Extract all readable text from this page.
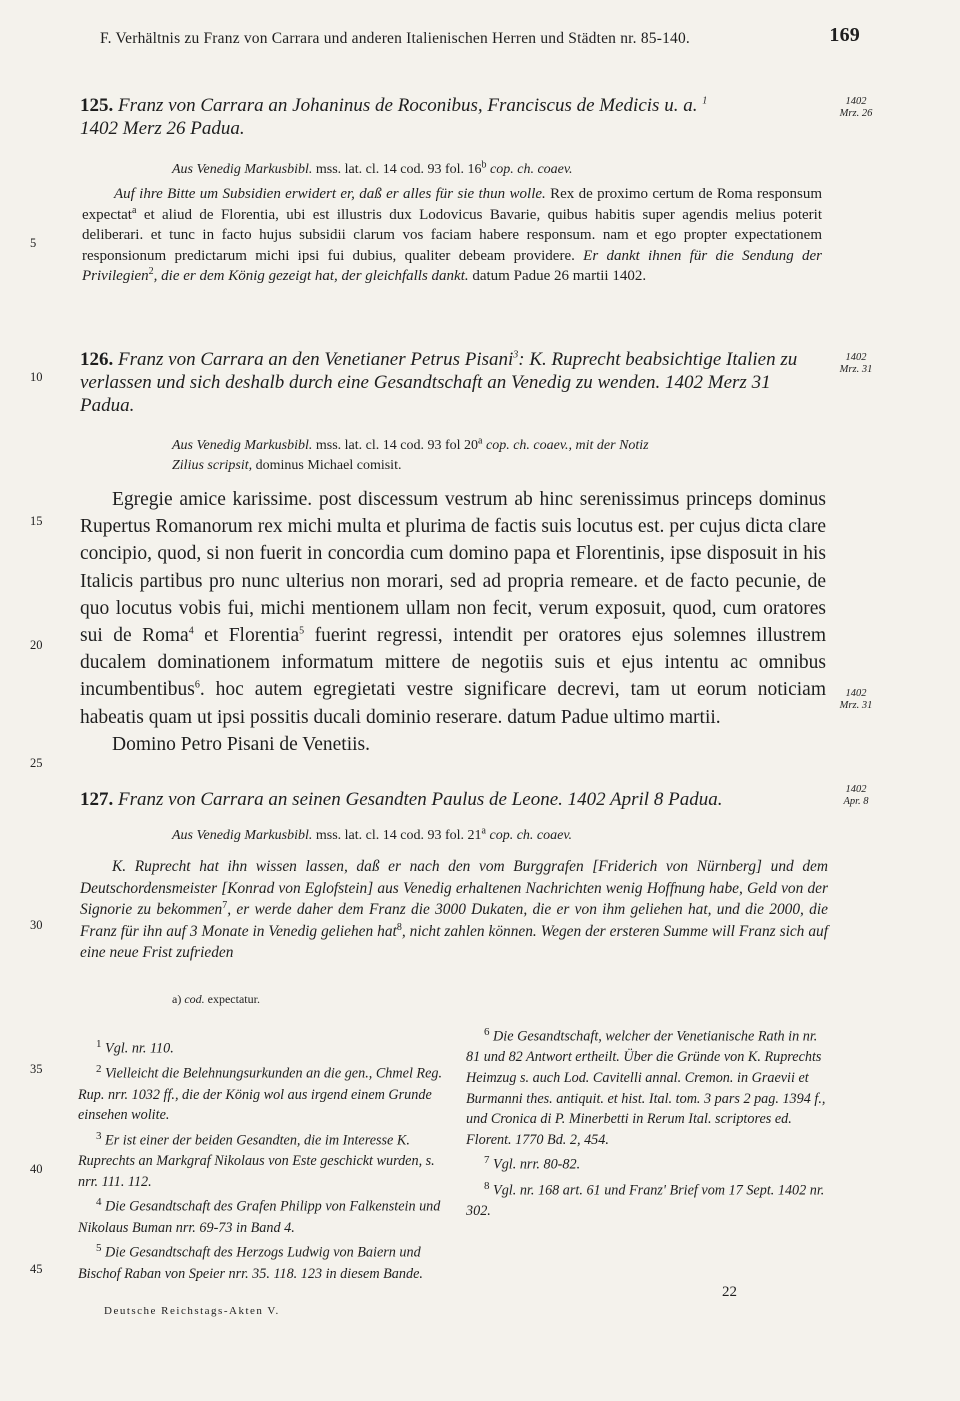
F. Verhältnis zu Franz von Carrara und anderen Italienischen Herren und Städten nr. 85-140.	169
125. Franz von Carrara an Johaninus de Roconibus, Franciscus de Medicis u. a. $^1$
1402 Merz 26 Padua.
1402
Mrz. 26
Aus Venedig Markusbibl. mss. lat. cl. 14 cod. 93 fol. 16$^b$ cop. ch. coaev.

Auf ihre Bitte um Subsidien erwidert er, daß er alles für sie thun wolle. Rex de proximo certum de Roma responsum expectat$^a$ et aliud de Florentia, ubi est illustris dux Lodovicus Bavarie, quibus habitis super agendis melius poterit deliberari. et tunc in facto hujus subsidii clarum vos faciam habere responsum. nam et ego propter expectationem responsionum predictarum michi ipsi fui dubius, qualiter debeam providere. Er dankt ihnen für die Sendung der Privilegien$^2$, die er dem König gezeigt hat, der gleichfalls dankt. datum Padue 26 martii 1402.

126. Franz von Carrara an den Venetianer Petrus Pisani$^3$: K. Ruprecht beabsichtige Italien zu verlassen und sich deshalb durch eine Gesandtschaft an Venedig zu wenden. 1402 Merz 31 Padua.
1402
Mrz. 31
Aus Venedig Markusbibl. mss. lat. cl. 14 cod. 93 fol 20$^a$ cop. ch. coaev., mit der Notiz
Zilius scripsit, dominus Michael comisit.

Egregie amice karissime. post discessum vestrum ab hinc serenissimus princeps dominus Rupertus Romanorum rex michi multa et plurima de factis suis locutus est. per cujus dicta clare concipio, quod, si non fuerit in concordia cum domino papa et Florentinis, ipse disposuit in his Italicis partibus pro nunc ulterius non morari, sed ad propria remeare. et de facto pecunie, de quo locutus vobis fui, michi mentionem ullam non fecit, verum exposuit, quod, cum oratores sui de Roma$^4$ et Florentia$^5$ fuerint regressi, intendit per oratores ejus solemnes illustrem ducalem dominationem informatum mittere de negotiis suis et ejus intentu ac omnibus incumbentibus$^6$. hoc autem egregietati vestre significare decrevi, tam ut eorum noticiam habeatis quam ut ipsi possitis ducali dominio reserare. datum Padue ultimo martii.

Domino Petro Pisani de Venetiis.

1402
Mrz. 31
127. Franz von Carrara an seinen Gesandten Paulus de Leone. 1402 April 8 Padua.	1402
Apr. 8
Aus Venedig Markusbibl. mss. lat. cl. 14 cod. 93 fol. 21$^a$ cop. ch. coaev.

K. Ruprecht hat ihn wissen lassen, daß er nach den vom Burggrafen [Friderich von Nürnberg] und dem Deutschordensmeister [Konrad von Eglofstein] aus Venedig erhaltenen Nachrichten wenig Hoffnung habe, Geld von der Signorie zu bekommen$^7$, er werde daher dem Franz die 3000 Dukaten, die er von ihm geliehen hat, und die 2000, die Franz für ihn auf 3 Monate in Venedig geliehen hat$^8$, nicht zahlen können. Wegen der ersteren Summe will Franz sich auf eine neue Frist zufrieden

a) cod. expectatur.

$^1$ Vgl. nr. 110.

$^2$ Vielleicht die Belehnungsurkunden an die gen., Chmel Reg. Rup. nrr. 1032 ff., die der König wol aus irgend einem Grunde einsehen wolite.

$^3$ Er ist einer der beiden Gesandten, die im Interesse K. Ruprechts an Markgraf Nikolaus von Este geschickt wurden, s. nrr. 111. 112.

$^4$ Die Gesandtschaft des Grafen Philipp von Falkenstein und Nikolaus Buman nrr. 69-73 in Band 4.

$^5$ Die Gesandtschaft des Herzogs Ludwig von Baiern und Bischof Raban von Speier nrr. 35. 118. 123 in diesem Bande.

$^6$ Die Gesandtschaft, welcher der Venetianische Rath in nr. 81 und 82 Antwort ertheilt. Über die Gründe von K. Ruprechts Heimzug s. auch Lod. Cavitelli annal. Cremon. in Graevii et Burmanni thes. antiquit. et hist. Ital. tom. 3 pars 2 pag. 1394 f., und Cronica di P. Minerbetti in Rerum Ital. scriptores ed. Florent. 1770 Bd. 2, 454.

$^7$ Vgl. nrr. 80-82.

$^8$ Vgl. nr. 168 art. 61 und Franz' Brief vom 17 Sept. 1402 nr. 302.

22
Deutsche Reichstags-Akten V.
5
10
15
20
25
30
35
40
45
